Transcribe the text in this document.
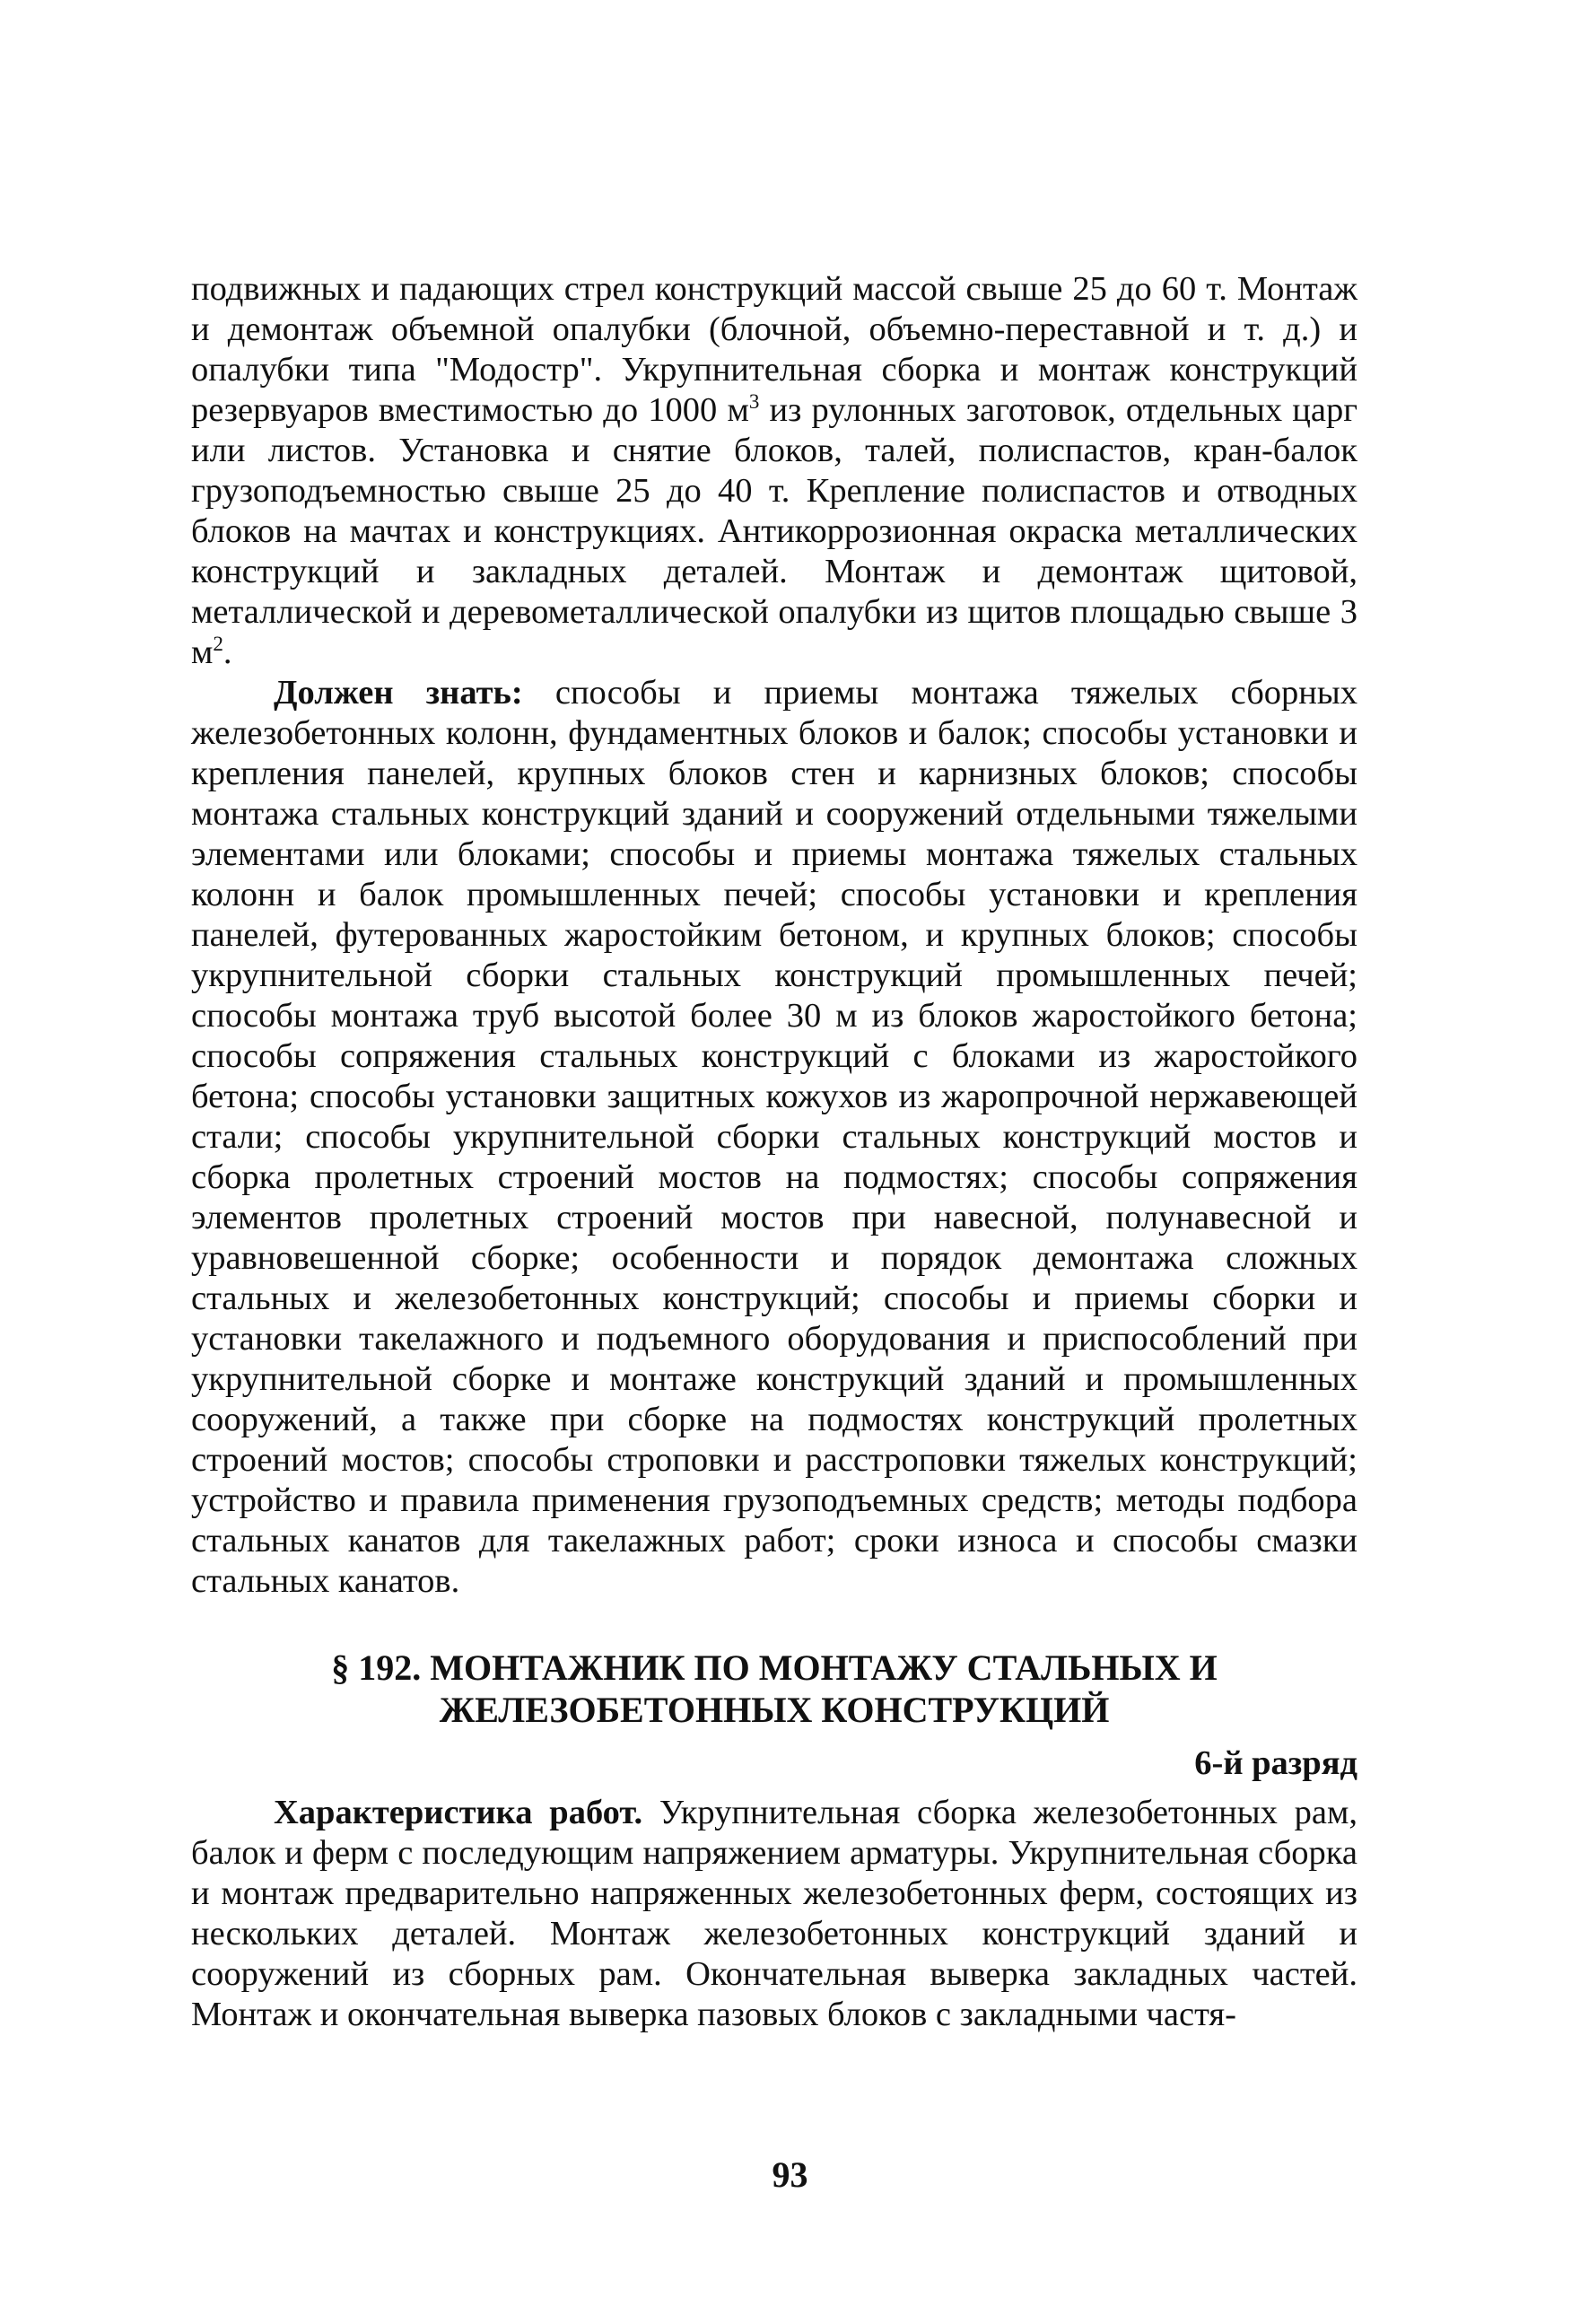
подвижных и падающих стрел конструкций массой свыше 25 до 60 т. Монтаж и демонтаж объемной опалубки (блочной, объемно-переставной и т. д.) и опалубки типа "Модостр". Укрупнительная сборка и монтаж конструкций резервуаров вместимостью до 1000 $м^3$ из рулонных заготовок, отдельных царг или листов. Установка и снятие блоков, талей, полиспастов, кран-балок грузоподъемностью свыше 25 до 40 т. Крепление полиспастов и отводных блоков на мачтах и конструкциях. Антикоррозионная окраска металлических конструкций и закладных деталей. Монтаж и демонтаж щитовой, металлической и деревометаллической опалубки из щитов площадью свыше 3 $м^2$.

Должен знать: способы и приемы монтажа тяжелых сборных железобетонных колонн, фундаментных блоков и балок; способы установки и крепления панелей, крупных блоков стен и карнизных блоков; способы монтажа стальных конструкций зданий и сооружений отдельными тяжелыми элементами или блоками; способы и приемы монтажа тяжелых стальных колонн и балок промышленных печей; способы установки и крепления панелей, футерованных жаростойким бетоном, и крупных блоков; способы укрупнительной сборки стальных конструкций промышленных печей; способы монтажа труб высотой более 30 м из блоков жаростойкого бетона; способы сопряжения стальных конструкций с блоками из жаростойкого бетона; способы установки защитных кожухов из жаропрочной нержавеющей стали; способы укрупнительной сборки стальных конструкций мостов и сборка пролетных строений мостов на подмостях; способы сопряжения элементов пролетных строений мостов при навесной, полунавесной и уравновешенной сборке; особенности и порядок демонтажа сложных стальных и железобетонных конструкций; способы и приемы сборки и установки такелажного и подъемного оборудования и приспособлений при укрупнительной сборке и монтаже конструкций зданий и промышленных сооружений, а также при сборке на подмостях конструкций пролетных строений мостов; способы строповки и расстроповки тяжелых конструкций; устройство и правила применения грузоподъемных средств; методы подбора стальных канатов для такелажных работ; сроки износа и способы смазки стальных канатов.

§ 192. МОНТАЖНИК ПО МОНТАЖУ СТАЛЬНЫХ И
ЖЕЛЕЗОБЕТОННЫХ КОНСТРУКЦИЙ
6-й разряд

Характеристика работ. Укрупнительная сборка железобетонных рам, балок и ферм с последующим напряжением арматуры. Укрупнительная сборка и монтаж предварительно напряженных железобетонных ферм, состоящих из нескольких деталей. Монтаж железобетонных конструкций зданий и сооружений из сборных рам. Окончательная выверка закладных частей. Монтаж и окончательная выверка пазовых блоков с закладными частя-

93
